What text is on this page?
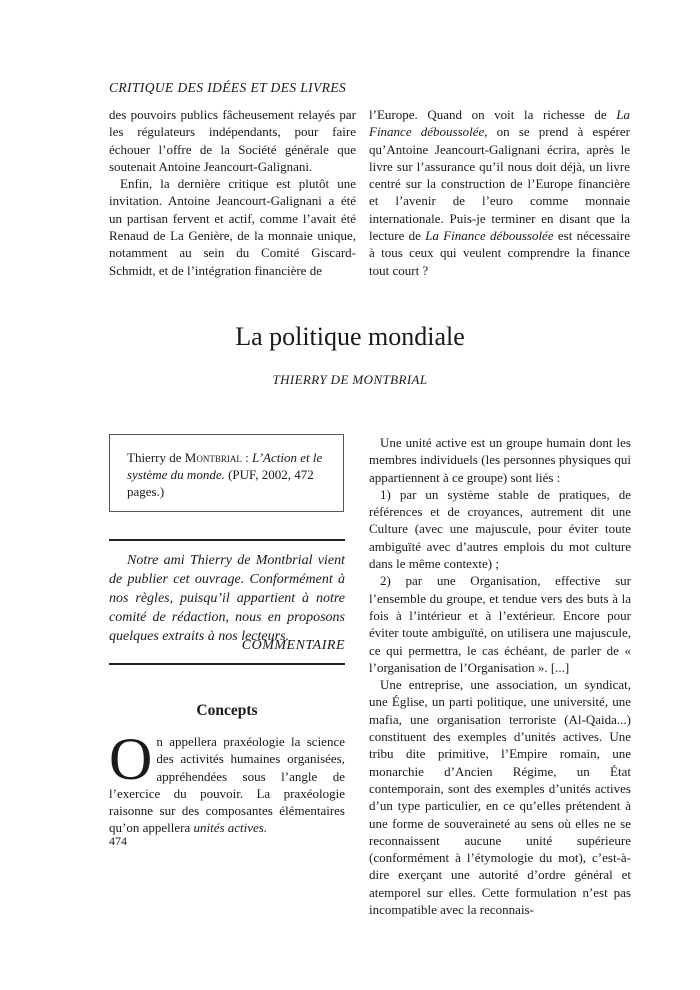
CRITIQUE DES IDÉES ET DES LIVRES

des pouvoirs publics fâcheusement relayés par les régulateurs indépendants, pour faire échouer l’offre de la Société générale que soutenait Antoine Jeancourt-Galignani.

Enfin, la dernière critique est plutôt une invitation. Antoine Jeancourt-Galignani a été un partisan fervent et actif, comme l’avait été Renaud de La Genière, de la monnaie unique, notamment au sein du Comité Giscard-Schmidt, et de l’intégration financière de

l’Europe. Quand on voit la richesse de La Finance déboussolée, on se prend à espérer qu’Antoine Jeancourt-Galignani écrira, après le livre sur l’assurance qu’il nous doit déjà, un livre centré sur la construction de l’Europe financière et l’avenir de l’euro comme monnaie internationale. Puis-je terminer en disant que la lecture de La Finance déboussolée est nécessaire à tous ceux qui veulent comprendre la finance tout court ?

La politique mondiale
THIERRY DE MONTBRIAL
Thierry de Montbrial : L’Action et le système du monde. (PUF, 2002, 472 pages.)
Notre ami Thierry de Montbrial vient de publier cet ouvrage. Conformément à nos règles, puisqu’il appartient à notre comité de rédaction, nous en proposons quelques extraits à nos lecteurs.
COMMENTAIRE
Concepts
On appellera praxéologie la science des activités humaines organisées, appréhendées sous l’angle de l’exercice du pouvoir. La praxéologie raisonne sur des composantes élémentaires qu’on appellera unités actives.

Une unité active est un groupe humain dont les membres individuels (les personnes physiques qui appartiennent à ce groupe) sont liés :

1) par un système stable de pratiques, de références et de croyances, autrement dit une Culture (avec une majuscule, pour éviter toute ambiguïté avec d’autres emplois du mot culture dans le même contexte) ;

2) par une Organisation, effective sur l’ensemble du groupe, et tendue vers des buts à la fois à l’intérieur et à l’extérieur. Encore pour éviter toute ambiguïté, on utilisera une majuscule, ce qui permettra, le cas échéant, de parler de « l’organisation de l’Organisation ». [...]

Une entreprise, une association, un syndicat, une Église, un parti politique, une université, une mafia, une organisation terroriste (Al-Qaida...) constituent des exemples d’unités actives. Une tribu dite primitive, l’Empire romain, une monarchie d’Ancien Régime, un État contemporain, sont des exemples d’unités actives d’un type particulier, en ce qu’elles prétendent à une forme de souveraineté au sens où elles ne se reconnaissent aucune unité supérieure (conformément à l’étymologie du mot), c’est-à-dire exerçant une autorité d’ordre général et atemporel sur elles. Cette formulation n’est pas incompatible avec la reconnais-

474
